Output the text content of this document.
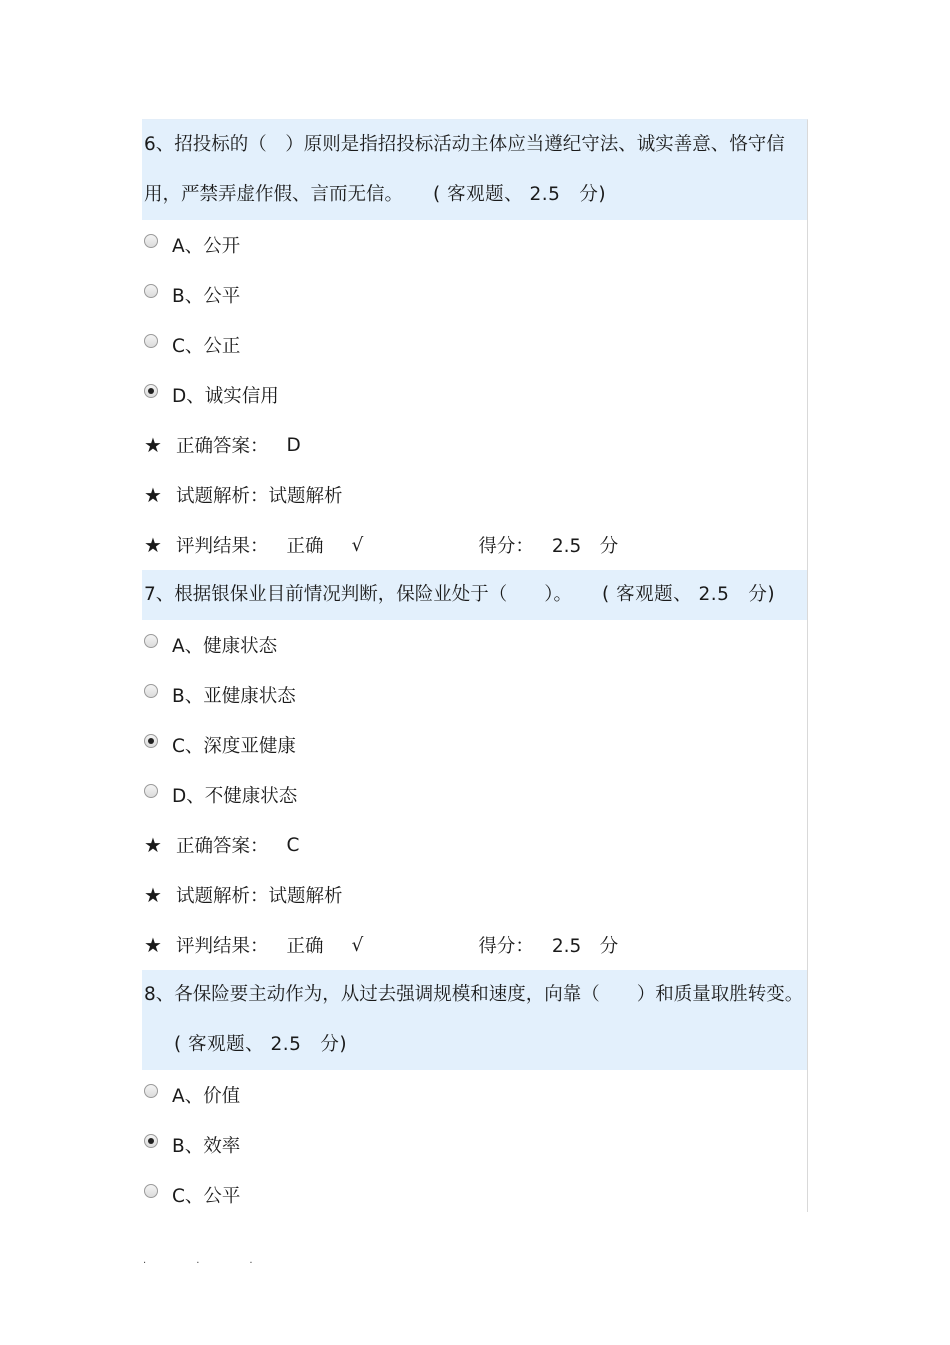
6、招投标的（　）原则是指招投标活动主体应当遵纪守法、诚实善意、恪守信用，严禁弄虚作假、言而无信。 ( 客观题、 2.5　分)
A、公开
B、公平
C、公正
D、诚实信用
★ 正确答案： D
★ 试题解析： 试题解析
★ 评判结果： 正确 √	得分： 2.5　分
7、根据银保业目前情况判断，保险业处于（　　）。 ( 客观题、 2.5　分)
A、健康状态
B、亚健康状态
C、深度亚健康
D、不健康状态
★ 正确答案： C
★ 试题解析： 试题解析
★ 评判结果： 正确 √	得分： 2.5　分
8、各保险要主动作为，从过去强调规模和速度，向靠（　　）和质量取胜转变。( 客观题、 2.5　分)
A、价值
B、效率
C、公平
·	·	·
